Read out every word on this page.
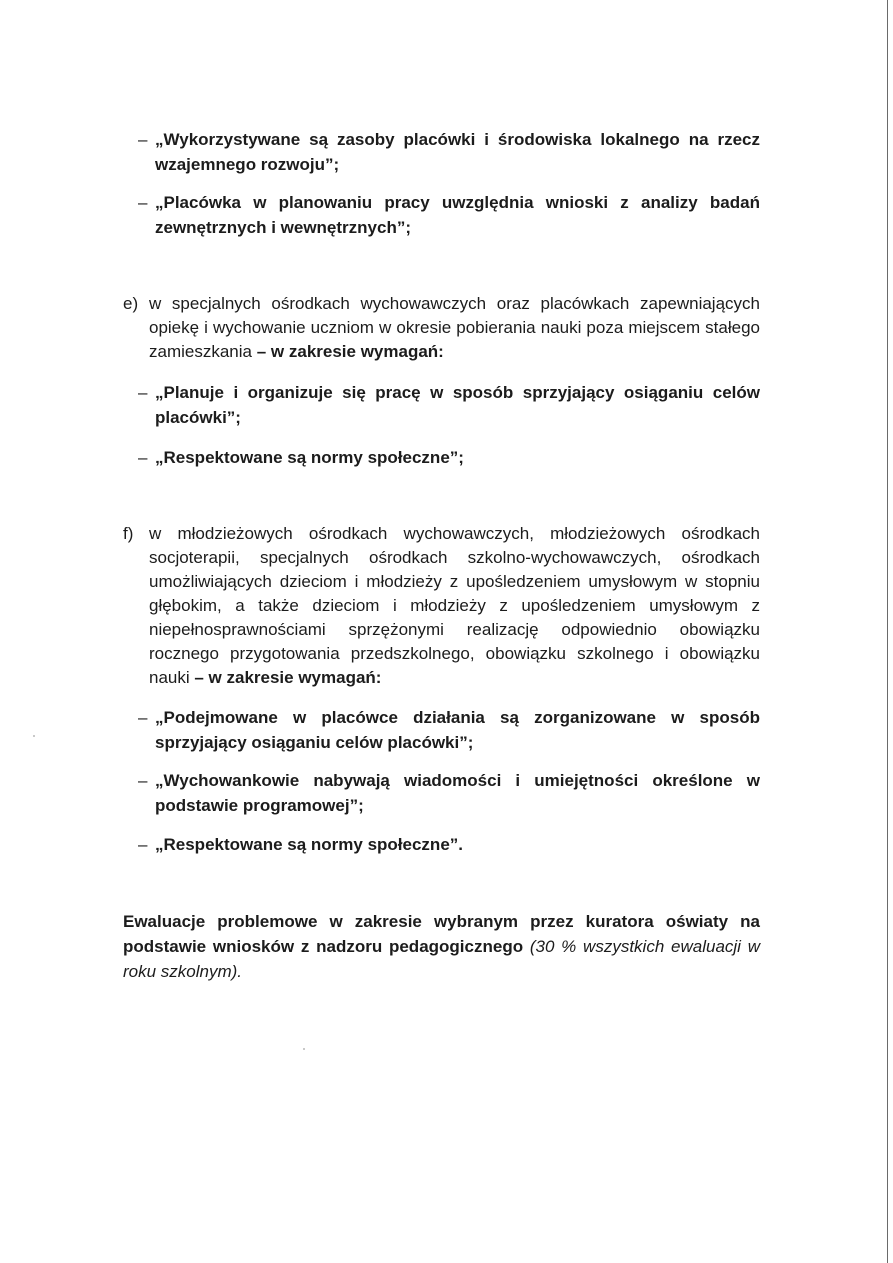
– „Wykorzystywane są zasoby placówki i środowiska lokalnego na rzecz wzajemnego rozwoju”;
– „Placówka w planowaniu pracy uwzględnia wnioski z analizy badań zewnętrznych i wewnętrznych”;
e) w specjalnych ośrodkach wychowawczych oraz placówkach zapewniających opiekę i wychowanie uczniom w okresie pobierania nauki poza miejscem stałego zamieszkania – w zakresie wymagań:
– „Planuje i organizuje się pracę w sposób sprzyjający osiąganiu celów placówki”;
– „Respektowane są normy społeczne”;
f) w młodzieżowych ośrodkach wychowawczych, młodzieżowych ośrodkach socjoterapii, specjalnych ośrodkach szkolno-wychowawczych, ośrodkach umożliwiających dzieciom i młodzieży z upośledzeniem umysłowym w stopniu głębokim, a także dzieciom i młodzieży z upośledzeniem umysłowym z niepełnosprawnościami sprzężonymi realizację odpowiednio obowiązku rocznego przygotowania przedszkolnego, obowiązku szkolnego i obowiązku nauki – w zakresie wymagań:
– „Podejmowane w placówce działania są zorganizowane w sposób sprzyjający osiąganiu celów placówki”;
– „Wychowankowie nabywają wiadomości i umiejętności określone w podstawie programowej”;
– „Respektowane są normy społeczne”.
Ewaluacje problemowe w zakresie wybranym przez kuratora oświaty na podstawie wniosków z nadzoru pedagogicznego (30 % wszystkich ewaluacji w roku szkolnym).
